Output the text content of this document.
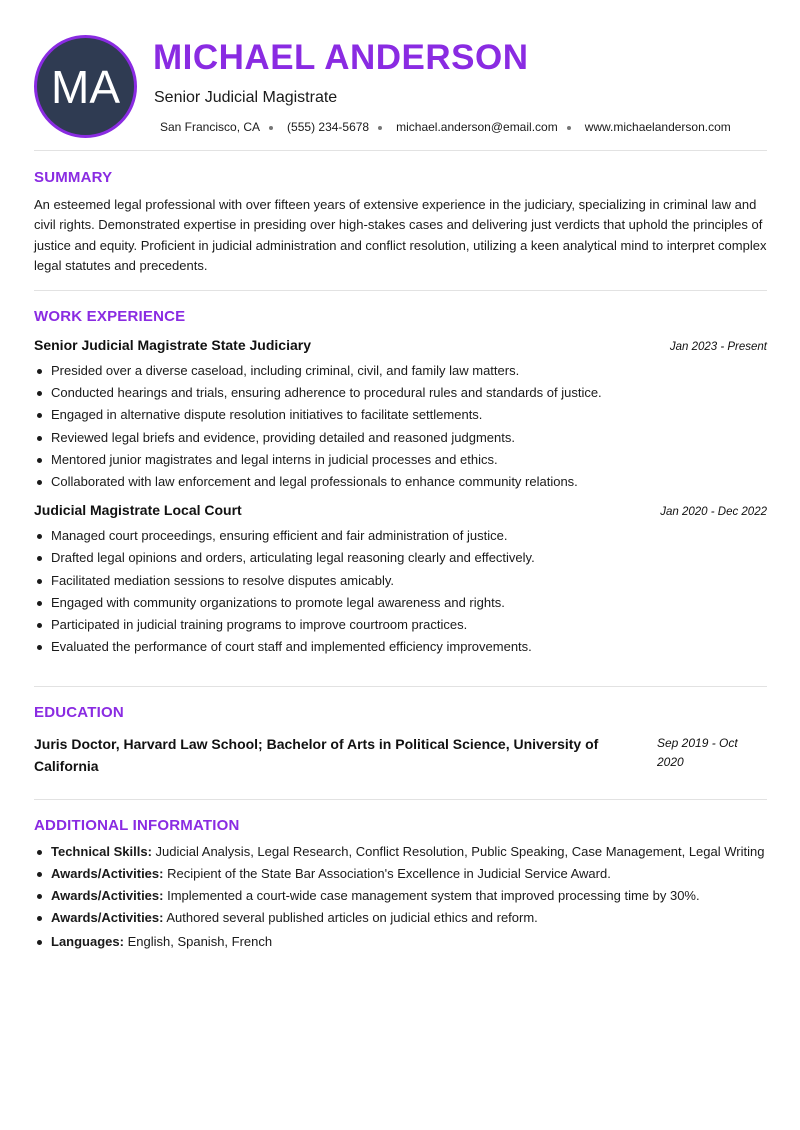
MA
MICHAEL ANDERSON
Senior Judicial Magistrate
San Francisco, CA (555) 234-5678 michael.anderson@email.com www.michaelanderson.com
SUMMARY

An esteemed legal professional with over fifteen years of extensive experience in the judiciary, specializing in criminal law and civil rights. Demonstrated expertise in presiding over high-stakes cases and delivering just verdicts that uphold the principles of justice and equity. Proficient in judicial administration and conflict resolution, utilizing a keen analytical mind to interpret complex legal statutes and precedents.

WORK EXPERIENCE
Senior Judicial Magistrate State Judiciary	Jan 2023 - Present
Presided over a diverse caseload, including criminal, civil, and family law matters.
Conducted hearings and trials, ensuring adherence to procedural rules and standards of justice.
Engaged in alternative dispute resolution initiatives to facilitate settlements.
Reviewed legal briefs and evidence, providing detailed and reasoned judgments.
Mentored junior magistrates and legal interns in judicial processes and ethics.
Collaborated with law enforcement and legal professionals to enhance community relations.
Judicial Magistrate Local Court	Jan 2020 - Dec 2022
Managed court proceedings, ensuring efficient and fair administration of justice.
Drafted legal opinions and orders, articulating legal reasoning clearly and effectively.
Facilitated mediation sessions to resolve disputes amicably.
Engaged with community organizations to promote legal awareness and rights.
Participated in judicial training programs to improve courtroom practices.
Evaluated the performance of court staff and implemented efficiency improvements.
EDUCATION
Juris Doctor, Harvard Law School; Bachelor of Arts in Political Science, University of California
Sep 2019 - Oct 2020
ADDITIONAL INFORMATION
Technical Skills: Judicial Analysis, Legal Research, Conflict Resolution, Public Speaking, Case Management, Legal Writing
Awards/Activities: Recipient of the State Bar Association's Excellence in Judicial Service Award.
Awards/Activities: Implemented a court-wide case management system that improved processing time by 30%.
Awards/Activities: Authored several published articles on judicial ethics and reform.
Languages: English, Spanish, French
